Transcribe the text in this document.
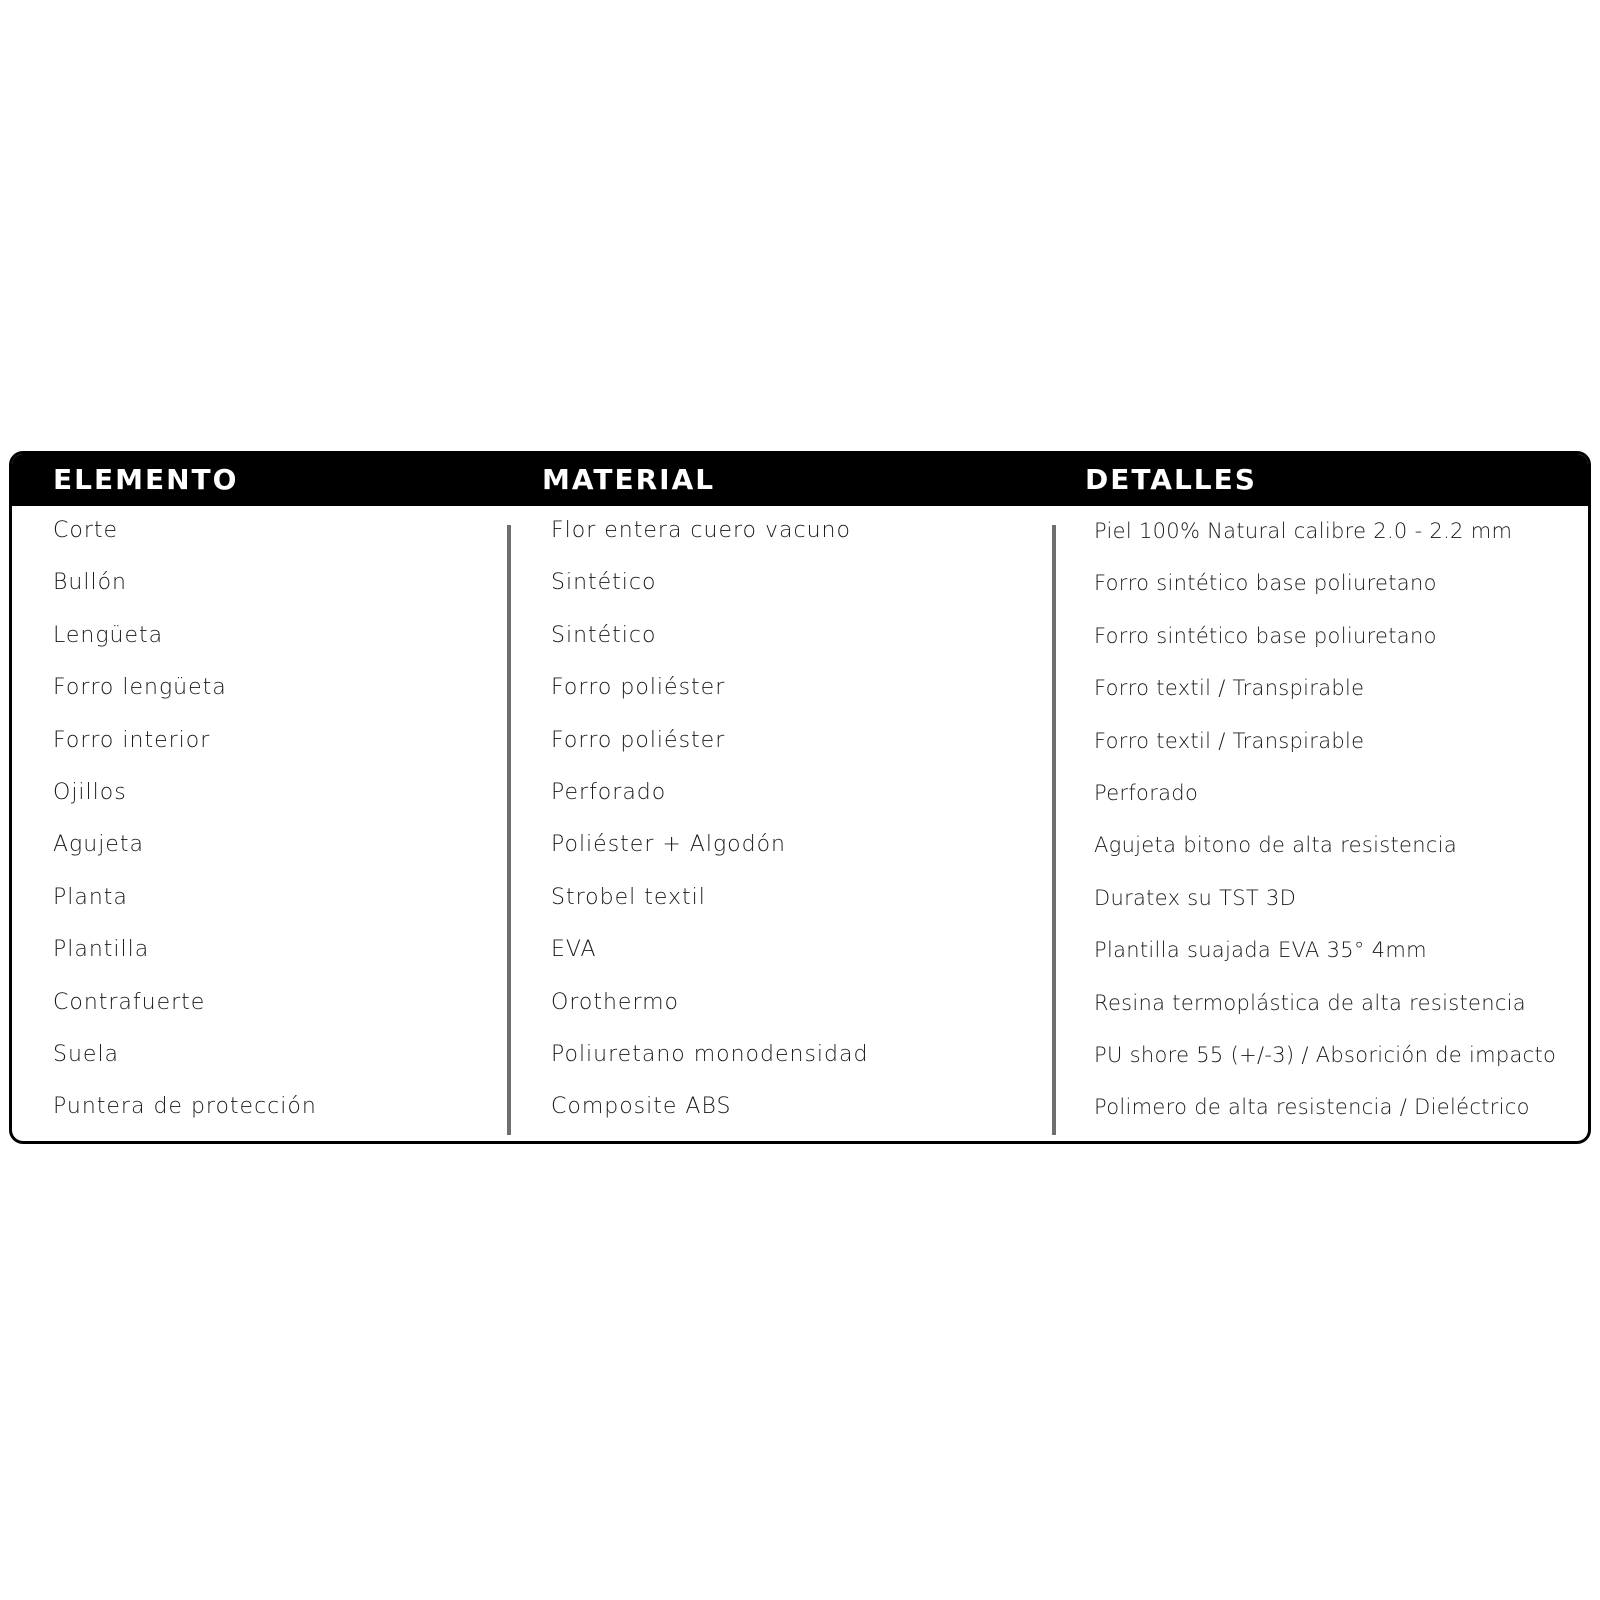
ELEMENTO	MATERIAL	DETALLES
Corte	Flor entera cuero vacuno	Piel 100% Natural calibre 2.0 - 2.2 mm
Bullón	Sintético	Forro sintético base poliuretano
Lengüeta	Sintético	Forro sintético base poliuretano
Forro lengüeta	Forro poliéster	Forro textil / Transpirable
Forro interior	Forro poliéster	Forro textil / Transpirable
Ojillos	Perforado	Perforado
Agujeta	Poliéster + Algodón	Agujeta bitono de alta resistencia
Planta	Strobel textil	Duratex su TST 3D
Plantilla	EVA	Plantilla suajada EVA 35° 4mm
Contrafuerte	Orothermo	Resina termoplástica de alta resistencia
Suela	Poliuretano monodensidad	PU shore 55 (+/-3) / Absorición de impacto
Puntera de protección	Composite ABS	Polimero de alta resistencia / Dieléctrico
